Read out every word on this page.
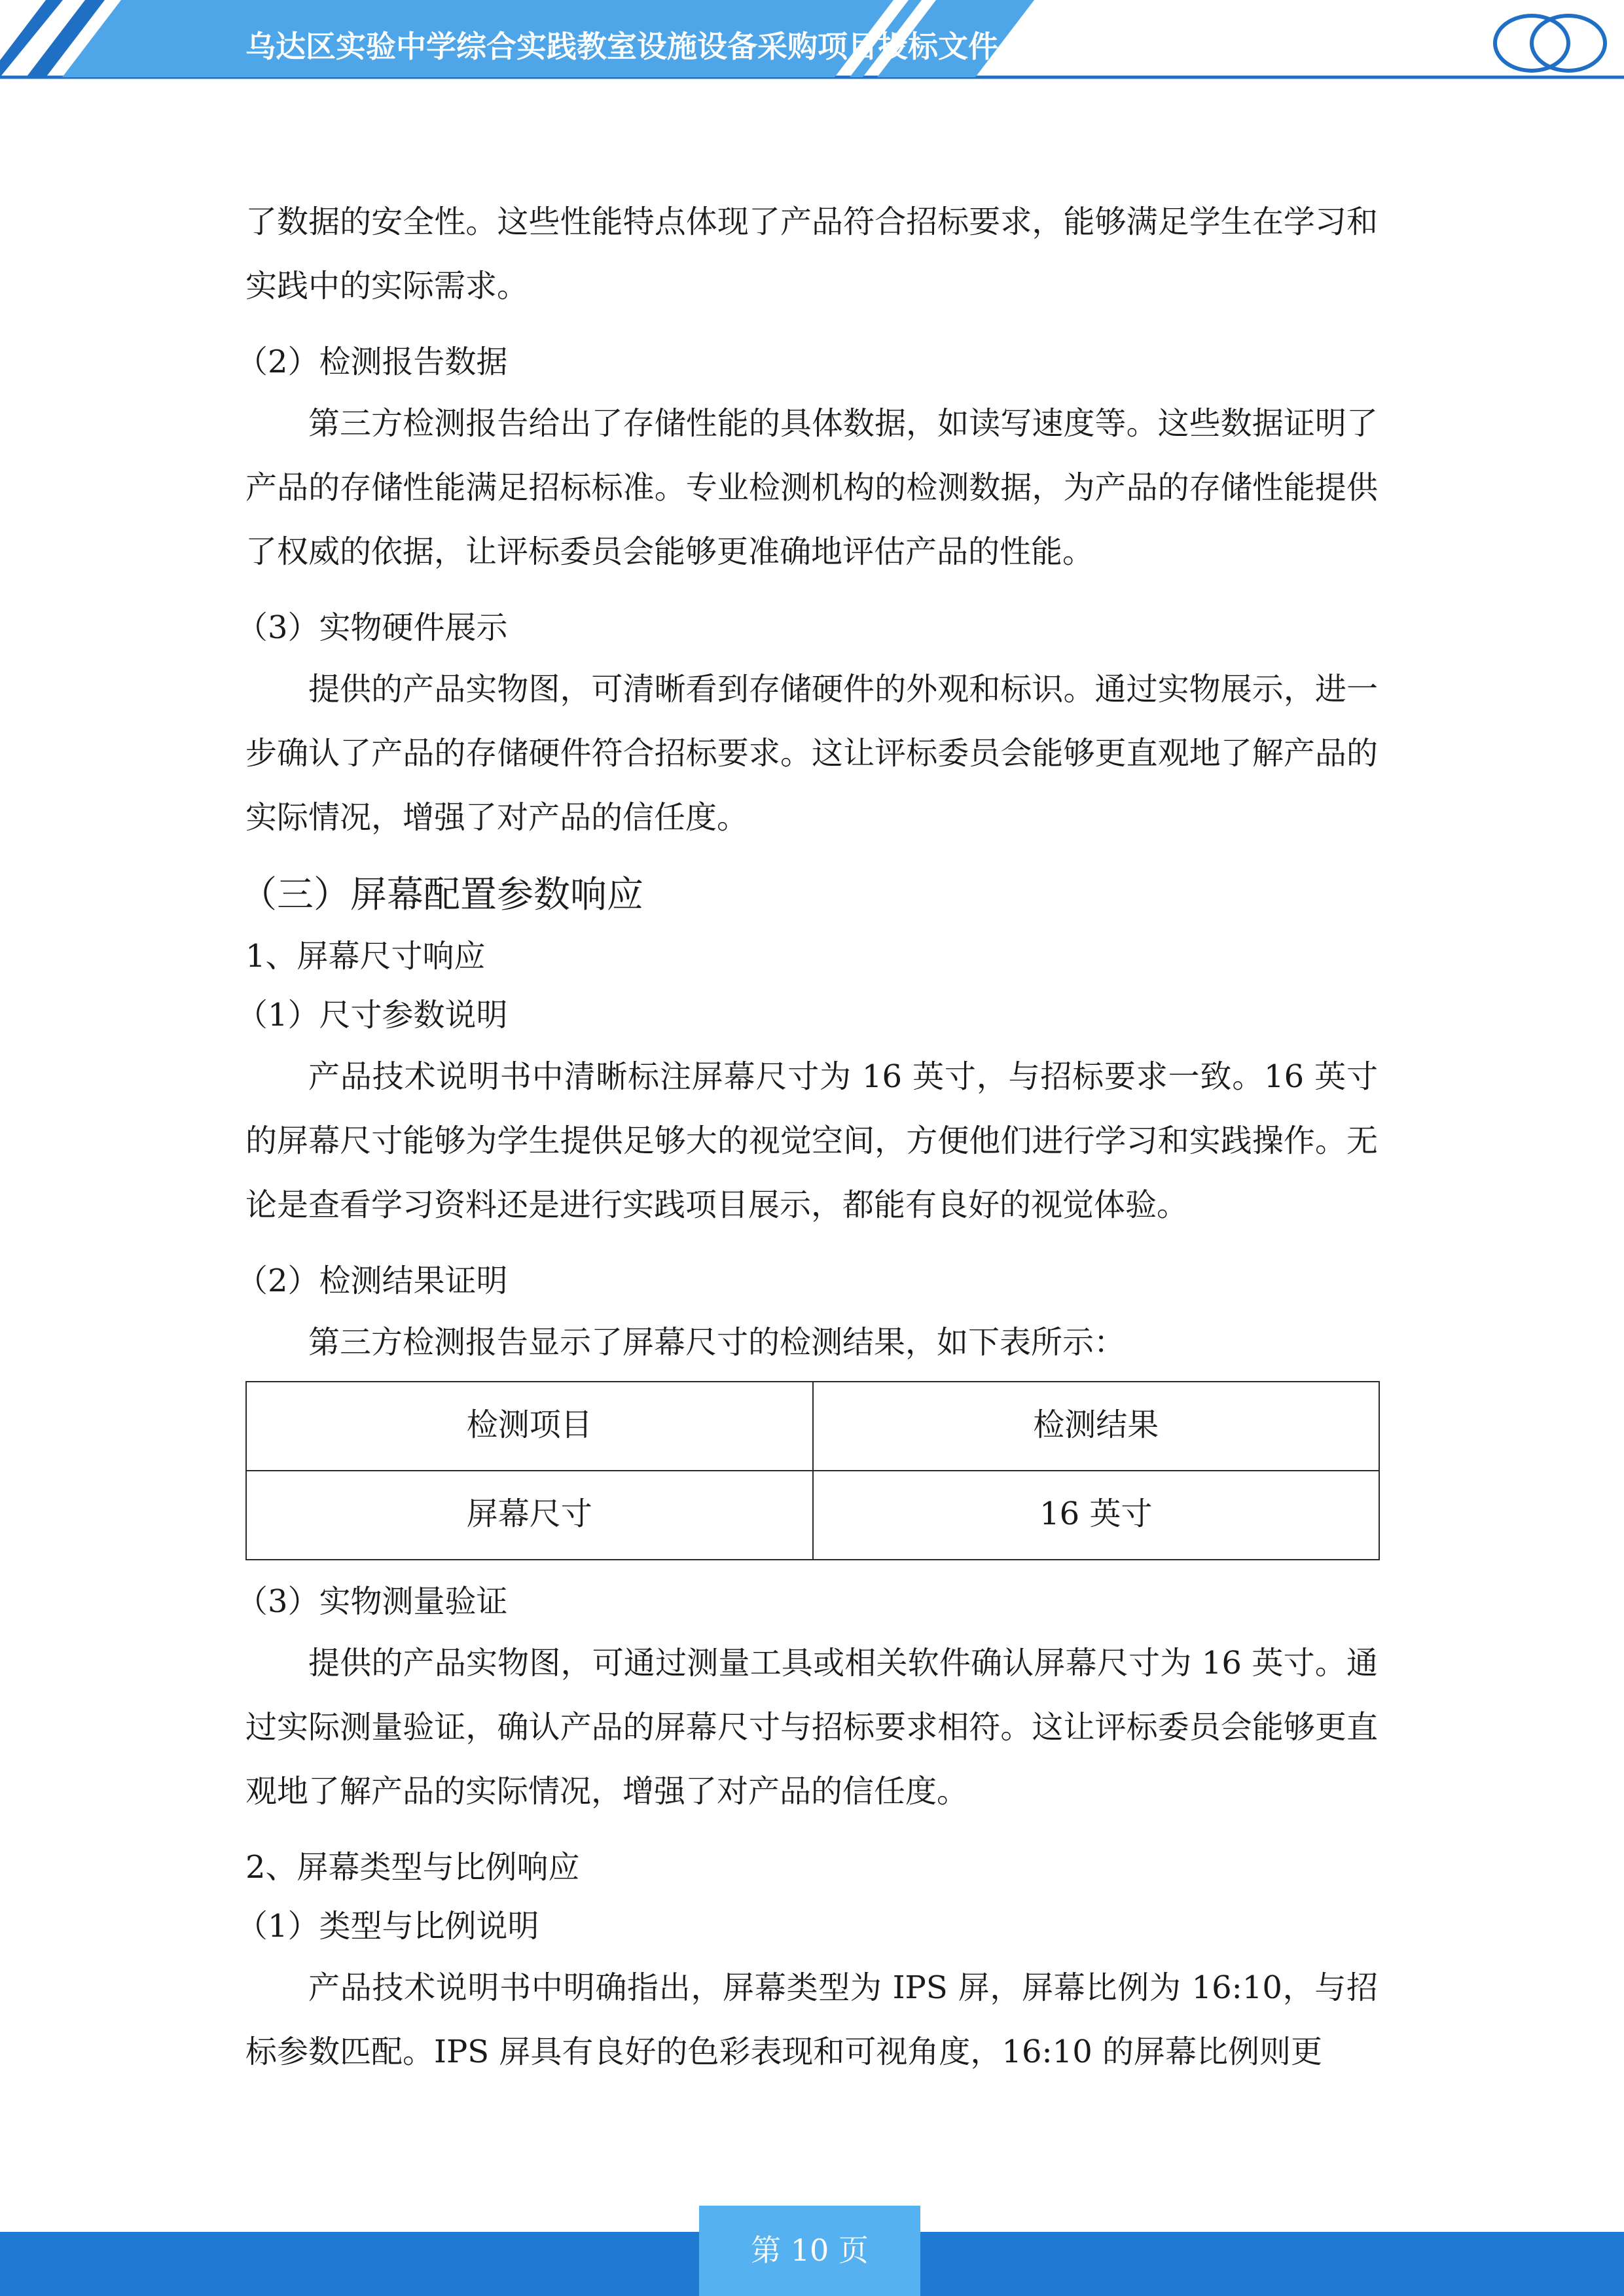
乌达区实验中学综合实践教室设施设备采购项目投标文件

了数据的安全性。这些性能特点体现了产品符合招标要求，能够满足学生在学习和实践中的实际需求。

（2）检测报告数据

第三方检测报告给出了存储性能的具体数据，如读写速度等。这些数据证明了产品的存储性能满足招标标准。专业检测机构的检测数据，为产品的存储性能提供了权威的依据，让评标委员会能够更准确地评估产品的性能。

（3）实物硬件展示

提供的产品实物图，可清晰看到存储硬件的外观和标识。通过实物展示，进一步确认了产品的存储硬件符合招标要求。这让评标委员会能够更直观地了解产品的实际情况，增强了对产品的信任度。

（三）屏幕配置参数响应

1、屏幕尺寸响应

（1）尺寸参数说明

产品技术说明书中清晰标注屏幕尺寸为 16 英寸，与招标要求一致。16 英寸的屏幕尺寸能够为学生提供足够大的视觉空间，方便他们进行学习和实践操作。无论是查看学习资料还是进行实践项目展示，都能有良好的视觉体验。

（2）检测结果证明

第三方检测报告显示了屏幕尺寸的检测结果，如下表所示：

检测项目	检测结果
屏幕尺寸	16 英寸

（3）实物测量验证

提供的产品实物图，可通过测量工具或相关软件确认屏幕尺寸为 16 英寸。通过实际测量验证，确认产品的屏幕尺寸与招标要求相符。这让评标委员会能够更直观地了解产品的实际情况，增强了对产品的信任度。

2、屏幕类型与比例响应

（1）类型与比例说明

产品技术说明书中明确指出，屏幕类型为 IPS 屏，屏幕比例为 16:10，与招标参数匹配。IPS 屏具有良好的色彩表现和可视角度，16:10 的屏幕比例则更

第 10 页
